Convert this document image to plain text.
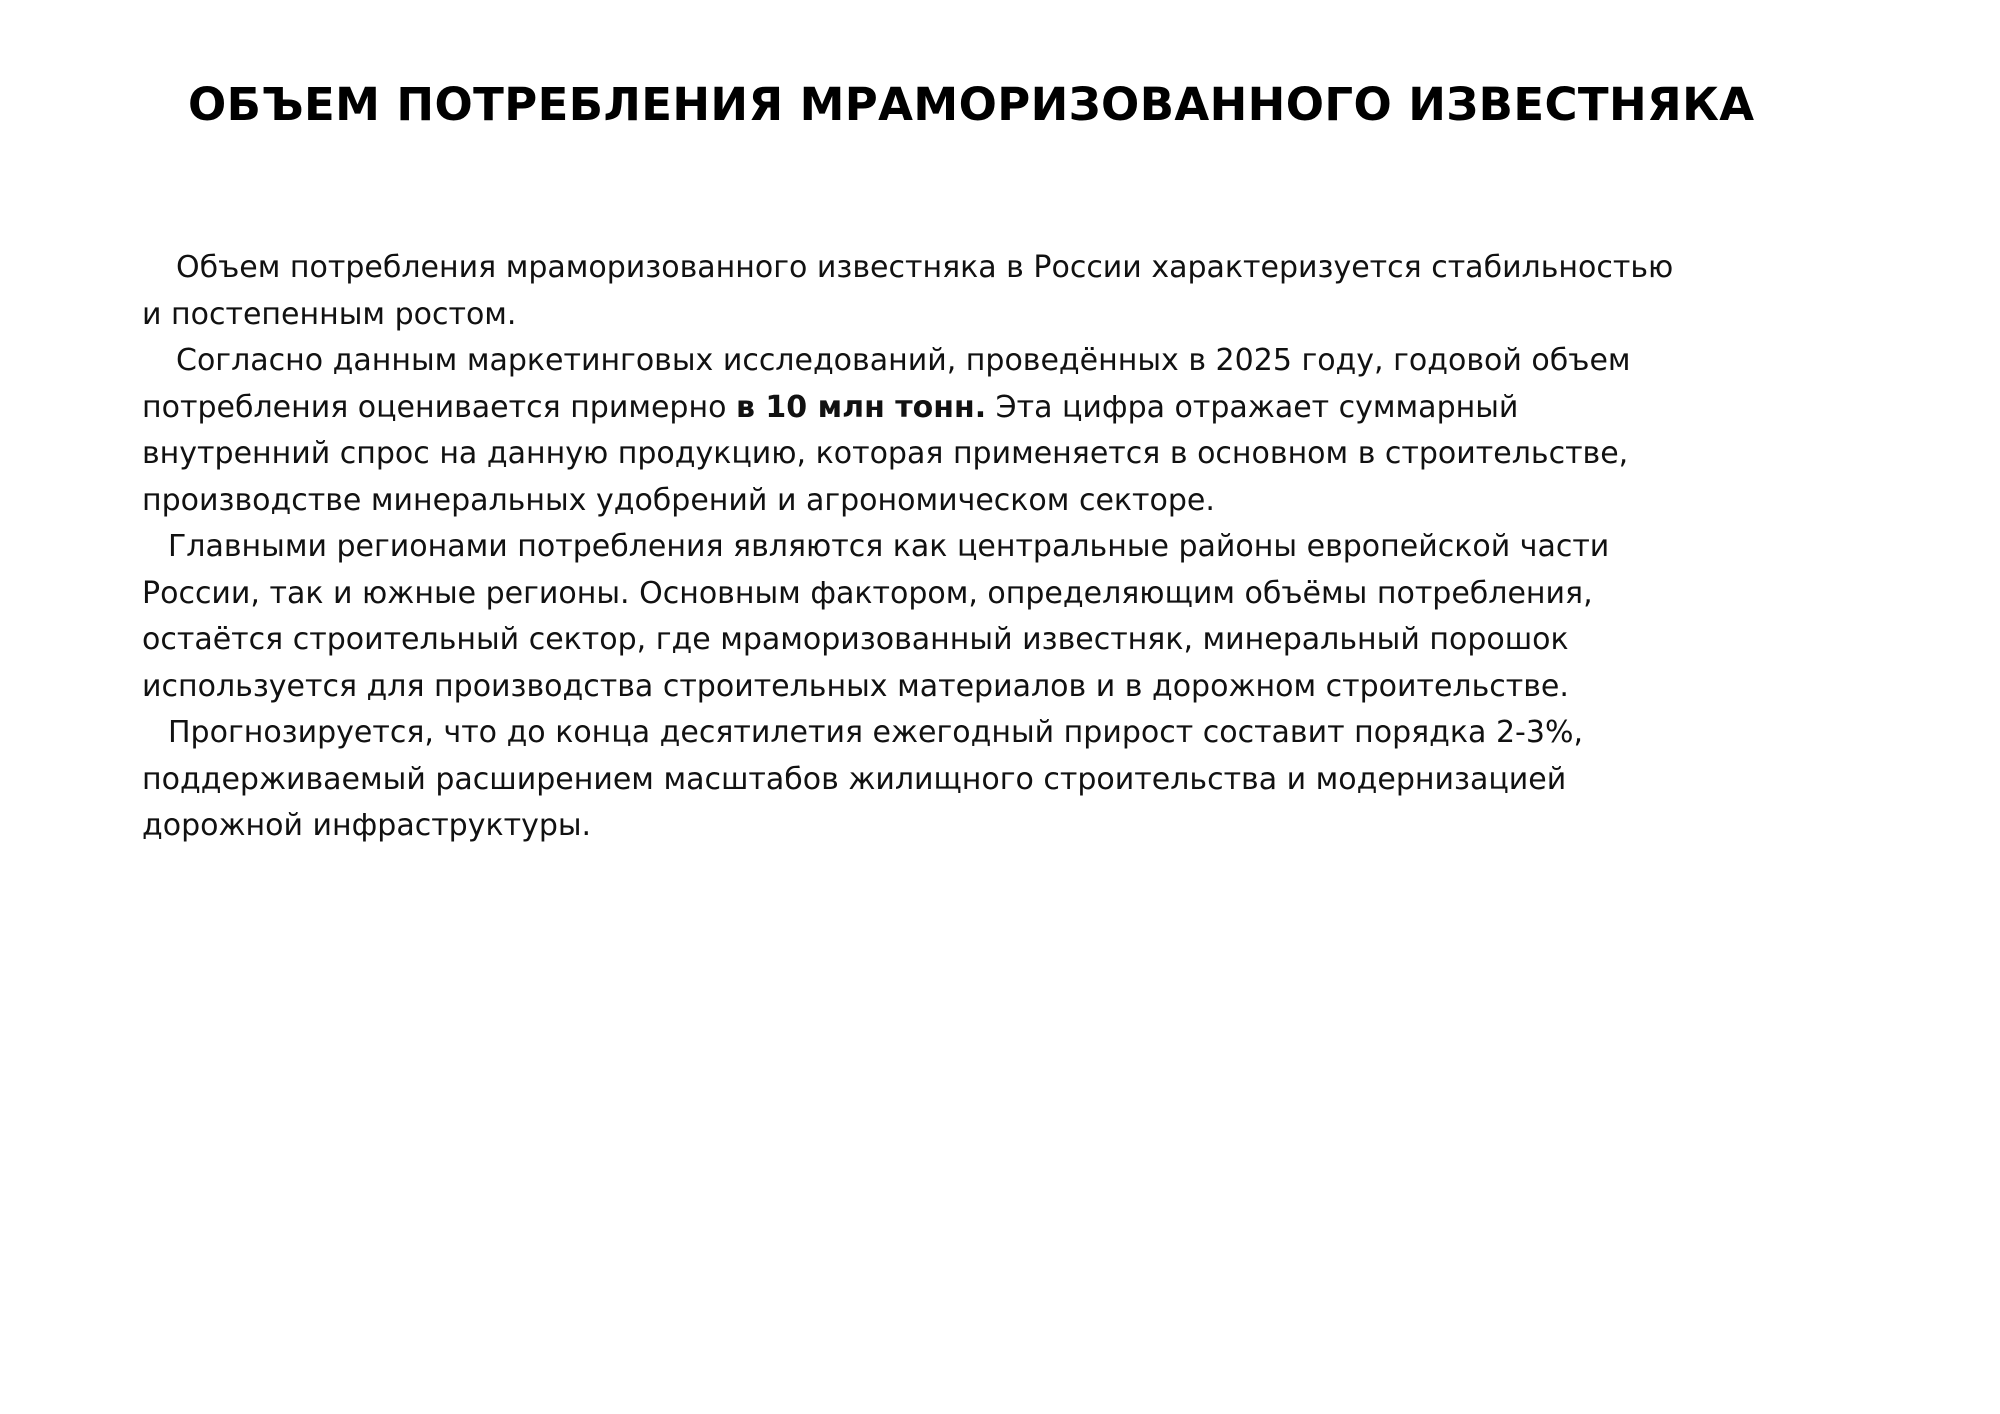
ОБЪЕМ ПОТРЕБЛЕНИЯ МРАМОРИЗОВАННОГО ИЗВЕСТНЯКА

Объем потребления мраморизованного известняка в России характеризуется стабильностью
и постепенным ростом.

Согласно данным маркетинговых исследований, проведённых в 2025 году, годовой объем
потребления оценивается примерно в 10 млн тонн. Эта цифра отражает суммарный
внутренний спрос на данную продукцию, которая применяется в основном в строительстве,
производстве минеральных удобрений и агрономическом секторе.

Главными регионами потребления являются как центральные районы европейской части
России, так и южные регионы. Основным фактором, определяющим объёмы потребления,
остаётся строительный сектор, где мраморизованный известняк, минеральный порошок
используется для производства строительных материалов и в дорожном строительстве.

Прогнозируется, что до конца десятилетия ежегодный прирост составит порядка 2-3%,
поддерживаемый расширением масштабов жилищного строительства и модернизацией
дорожной инфраструктуры.
